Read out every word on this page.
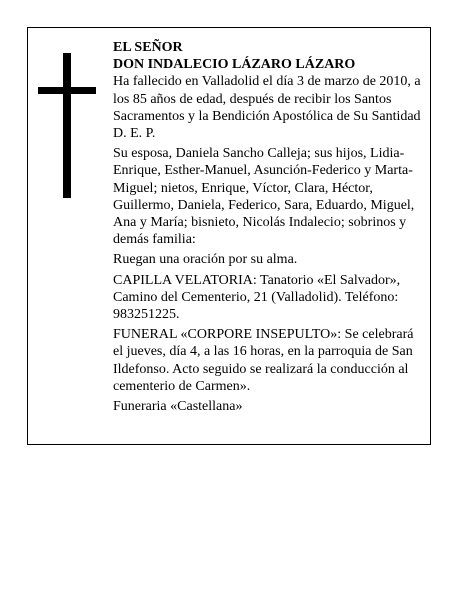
EL SEÑOR

DON INDALECIO LÁZARO LÁZARO

Ha fallecido en Valladolid el día 3 de marzo de 2010, a los 85 años de edad, después de recibir los Santos Sacramentos y la Bendición Apostólica de Su Santidad D. E. P.

Su esposa, Daniela Sancho Calleja; sus hijos, Lidia-Enrique, Esther-Manuel, Asunción-Federico y Marta-Miguel; nietos, Enrique, Víctor, Clara, Héctor, Guillermo, Daniela, Federico, Sara, Eduardo, Miguel, Ana y María; bisnieto, Nicolás Indalecio; sobrinos y demás familia:

Ruegan una oración por su alma.

CAPILLA VELATORIA: Tanatorio «El Salvador», Camino del Cementerio, 21 (Valladolid). Teléfono: 983251225.

FUNERAL «CORPORE INSEPULTO»: Se celebrará el jueves, día 4, a las 16 horas, en la parroquia de San Ildefonso. Acto seguido se realizará la conducción al cementerio de Carmen».

Funeraria «Castellana»
